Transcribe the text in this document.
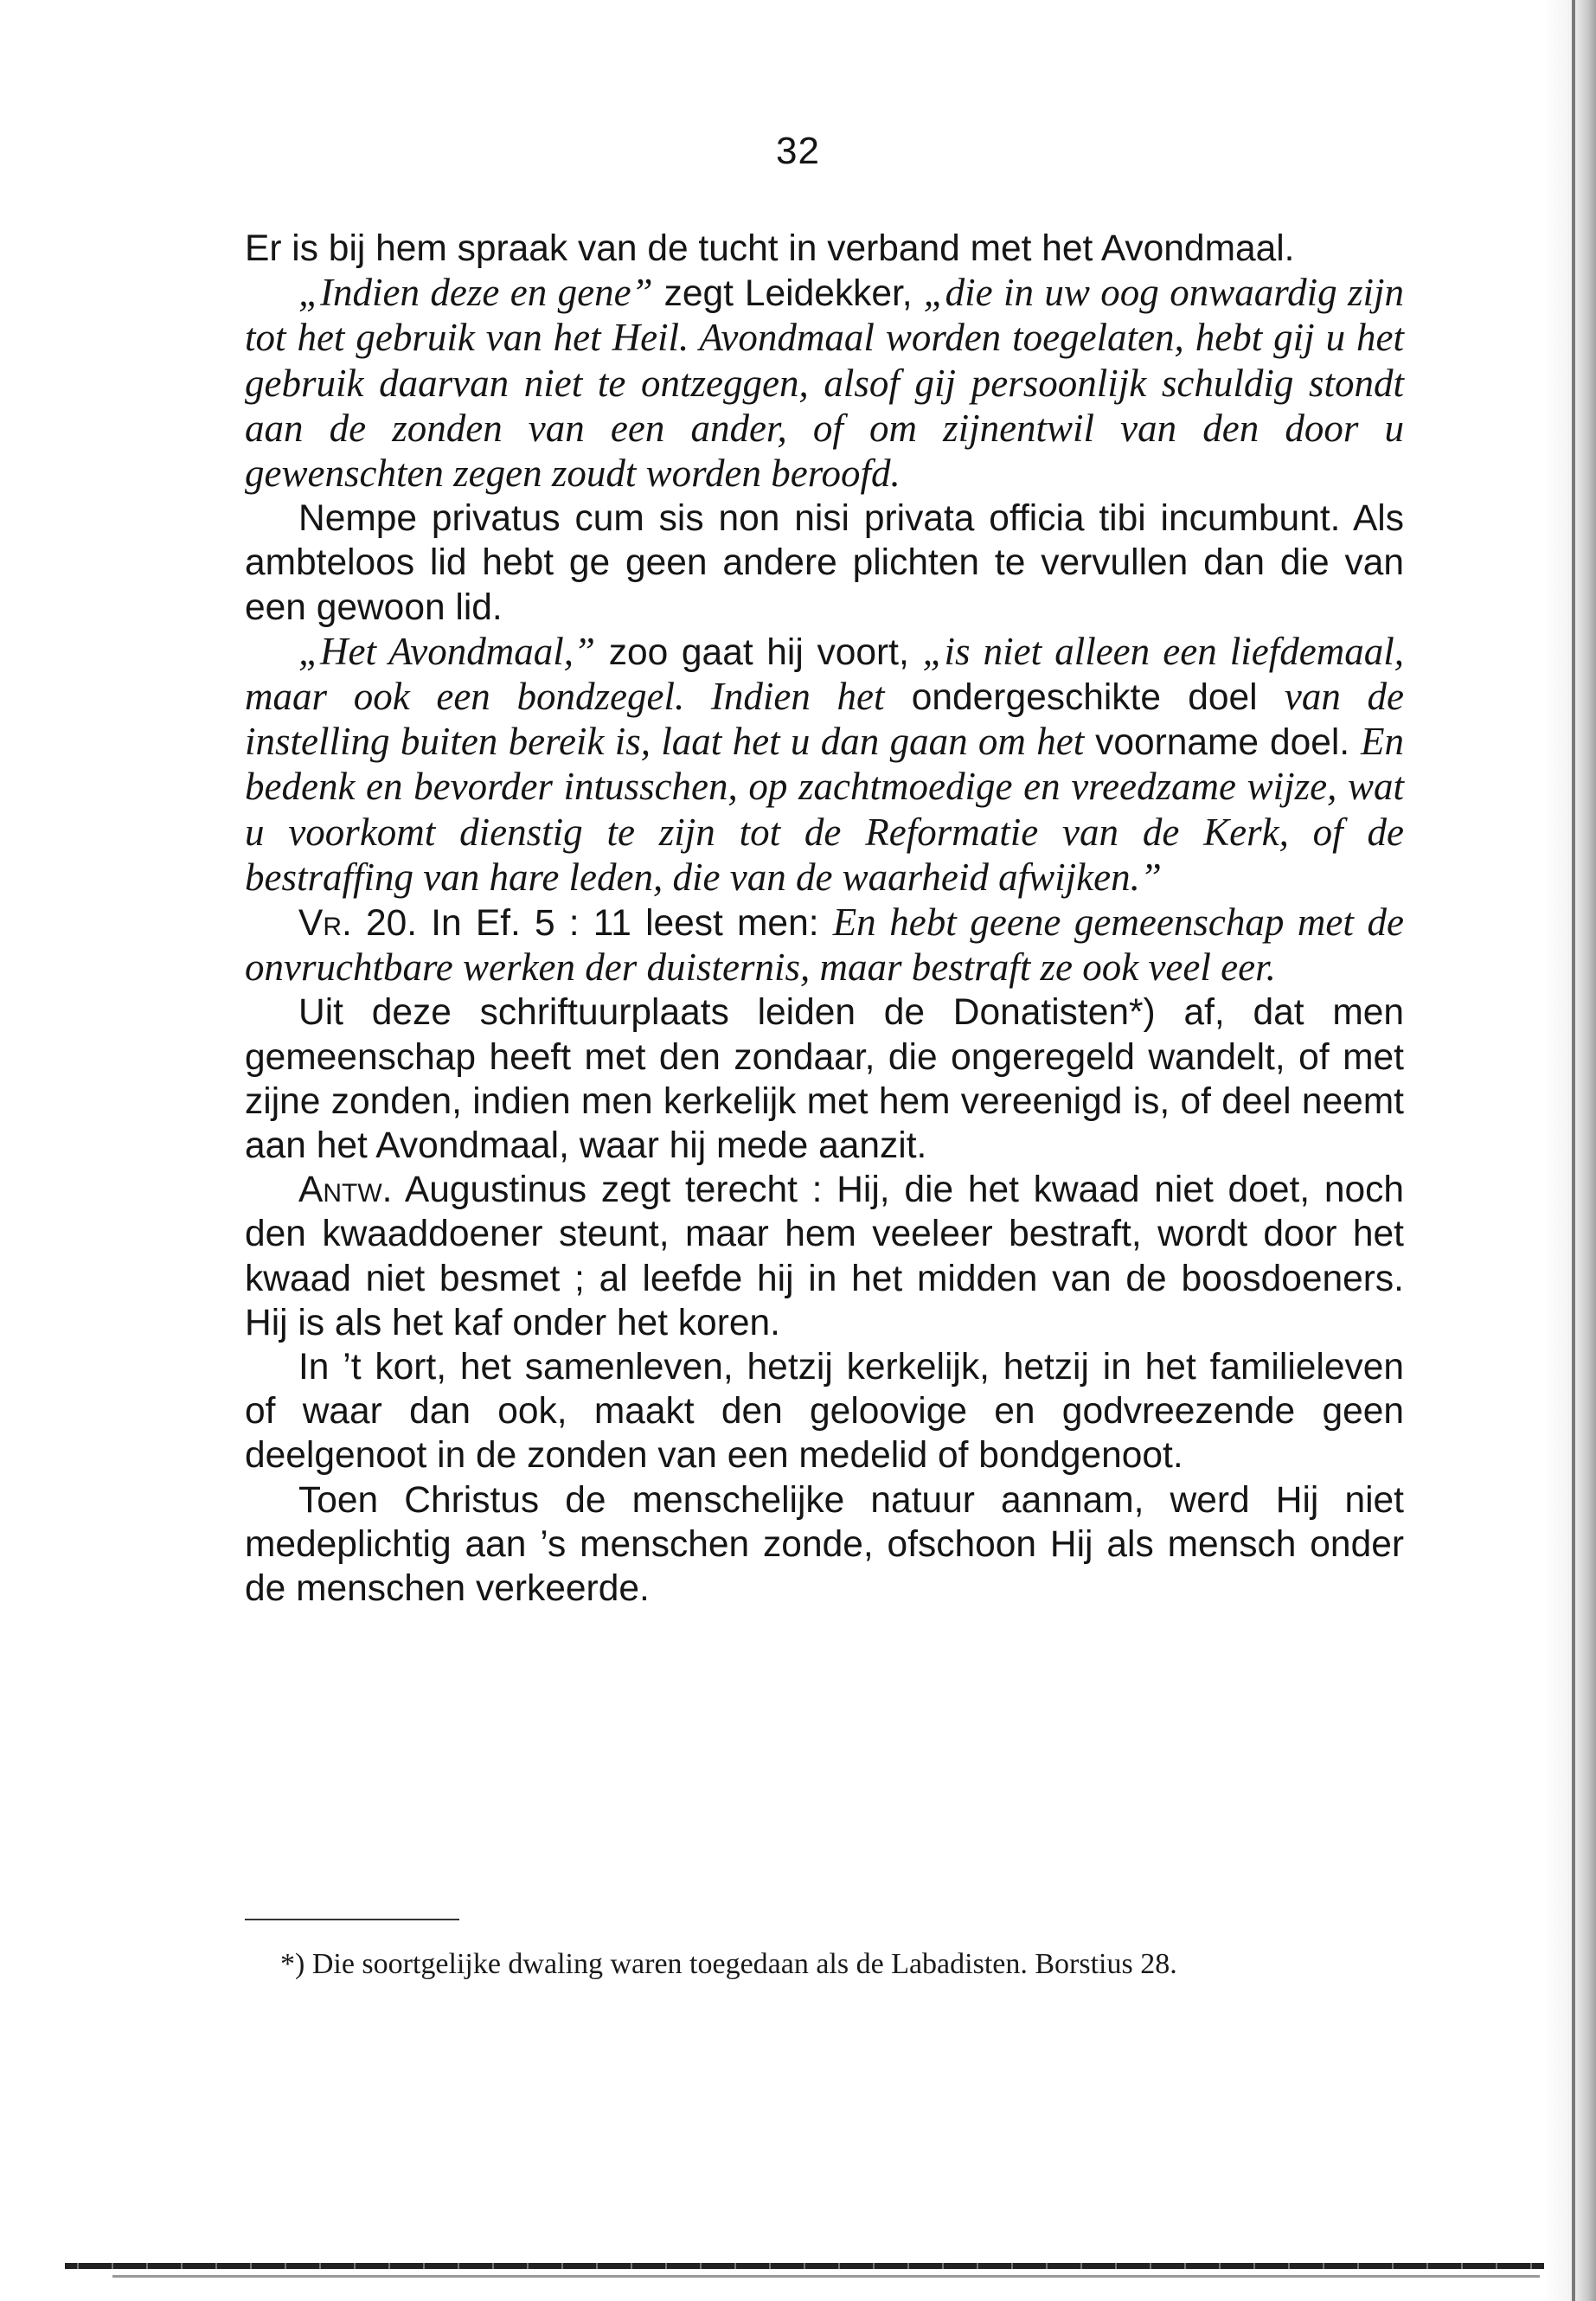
32

Er is bij hem spraak van de tucht in verband met het Avondmaal.

„Indien deze en gene” zegt Leidekker, „die in uw oog onwaardig zijn tot het gebruik van het Heil. Avondmaal worden toegelaten, hebt gij u het gebruik daarvan niet te ontzeggen, alsof gij persoonlijk schuldig stondt aan de zonden van een ander, of om zijnentwil van den door u gewenschten zegen zoudt worden beroofd.

Nempe privatus cum sis non nisi privata officia tibi incumbunt. Als ambteloos lid hebt ge geen andere plichten te vervullen dan die van een gewoon lid.

„Het Avondmaal,” zoo gaat hij voort, „is niet alleen een liefdemaal, maar ook een bondzegel. Indien het ondergeschikte doel van de instelling buiten bereik is, laat het u dan gaan om het voorname doel. En bedenk en bevorder intusschen, op zachtmoedige en vreedzame wijze, wat u voorkomt dienstig te zijn tot de Reformatie van de Kerk, of de bestraffing van hare leden, die van de waarheid afwijken.”

Vr. 20. In Ef. 5 : 11 leest men: En hebt geene gemeenschap met de onvruchtbare werken der duisternis, maar bestraft ze ook veel eer.

Uit deze schriftuurplaats leiden de Donatisten*) af, dat men gemeenschap heeft met den zondaar, die ongeregeld wandelt, of met zijne zonden, indien men kerkelijk met hem vereenigd is, of deel neemt aan het Avondmaal, waar hij mede aanzit.

Antw. Augustinus zegt terecht : Hij, die het kwaad niet doet, noch den kwaaddoener steunt, maar hem veeleer bestraft, wordt door het kwaad niet besmet ; al leefde hij in het midden van de boosdoeners. Hij is als het kaf onder het koren.

In ’t kort, het samenleven, hetzij kerkelijk, hetzij in het familieleven of waar dan ook, maakt den geloovige en godvreezende geen deelgenoot in de zonden van een medelid of bondgenoot.

Toen Christus de menschelijke natuur aannam, werd Hij niet medeplichtig aan ’s menschen zonde, ofschoon Hij als mensch onder de menschen verkeerde.

*) Die soortgelijke dwaling waren toegedaan als de Labadisten. Borstius 28.
